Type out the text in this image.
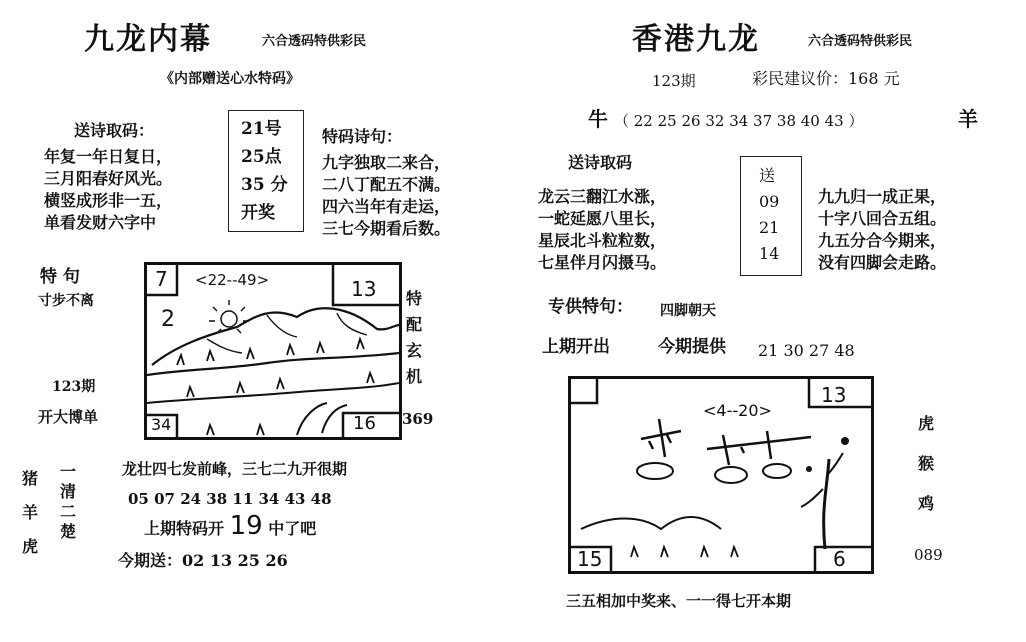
九龙内幕	六合透码特供彩民
《内部赠送心水特码》
送诗取码：
年复一年日复日，
三月阳春好风光。
横竖成形非一五，
单看发财六字中
21号
25点
35 分
开奖
特码诗句：
九字独取二来合，
二八丁配五不满。
四六当年有走运，
三七今期看后数。
特 句
寸步不离
123期
开大博单
7	13
34	16
<22--49>
2
特配玄机
369
猪
羊
虎
一清二楚
龙壮四七发前峰，三七二九开很期
05 07 24 38 11 34 43 48
上期特码开 19 中了吧
今期送：02 13 25 26
香港九龙	六合透码特供彩民
123期	彩民建议价：168 元
牛 （ 22 25 26 32 34 37 38 40 43 ）	羊
送诗取码
龙云三翻江水涨，
一蛇延愿八里长，
星辰北斗粒粒数，
七星伴月闪摄马。
送
09
21
14
九九归一成正果，
十字八回合五组。
九五分合今期来，
没有四脚会走路。
专供特句： 四脚朝天
上期开出	今期提供 21 30 27 48
13
15	6
<4--20>
虎
猴
鸡
089
三五相加中奖来、一一得七开本期
